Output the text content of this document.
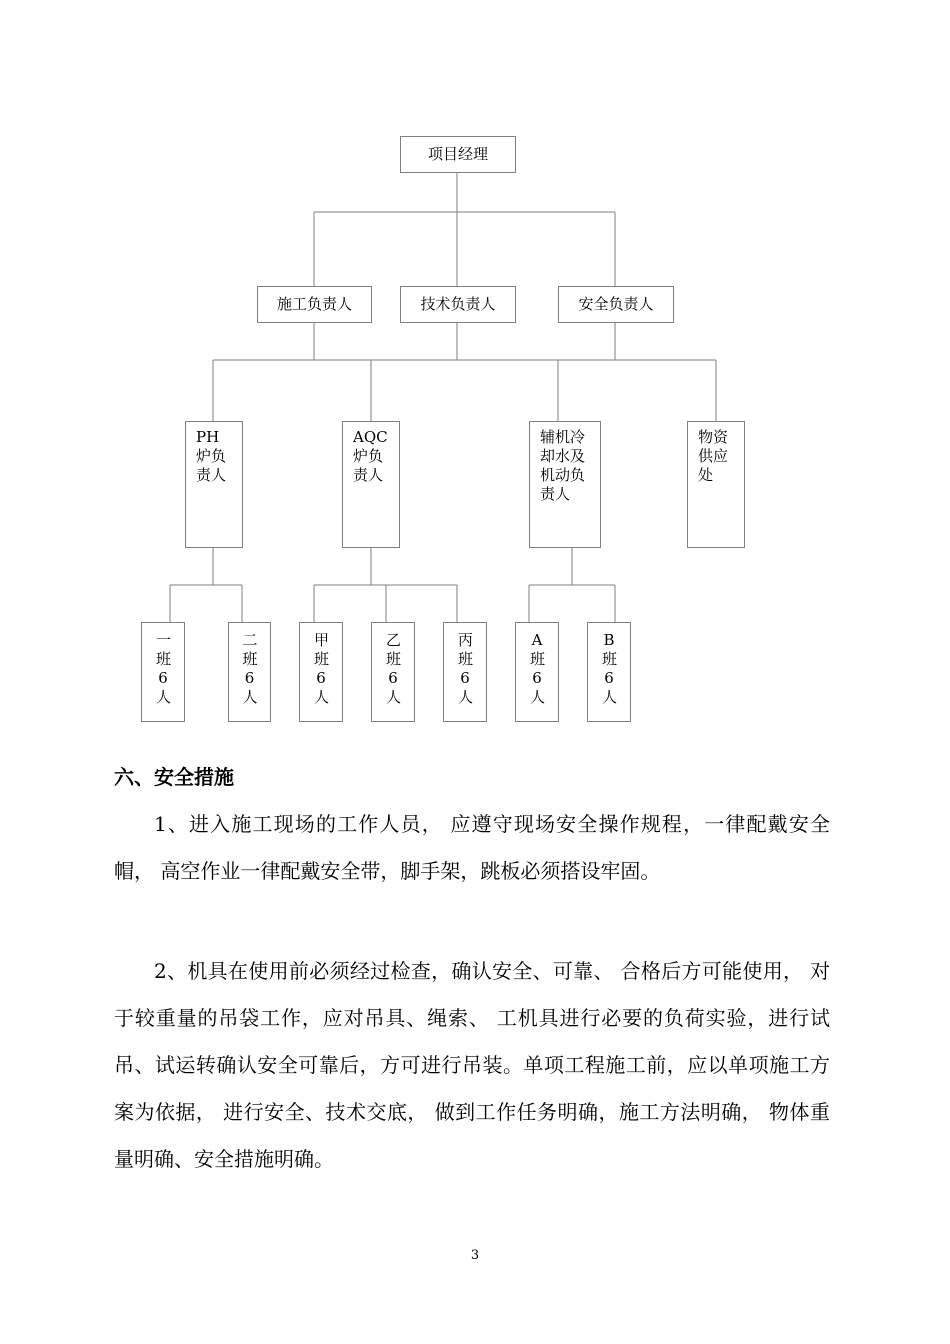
项目经理
施工负责人	技术负责人	安全负责人
PH 炉负责人
AQC 炉负责人
辅机冷却水及机动负责人
物资供应处
一班6人
二班6人
甲班6人
乙班6人
丙班6人
A班6人
B班6人
六、安全措施

1、进入施工现场的工作人员， 应遵守现场安全操作规程，一律配戴安全帽， 高空作业一律配戴安全带，脚手架，跳板必须搭设牢固。

2、机具在使用前必须经过检查，确认安全、可靠、 合格后方可能使用， 对于较重量的吊袋工作，应对吊具、绳索、 工机具进行必要的负荷实验，进行试吊、试运转确认安全可靠后，方可进行吊装。单项工程施工前，应以单项施工方案为依据， 进行安全、技术交底， 做到工作任务明确，施工方法明确， 物体重量明确、安全措施明确。

3
